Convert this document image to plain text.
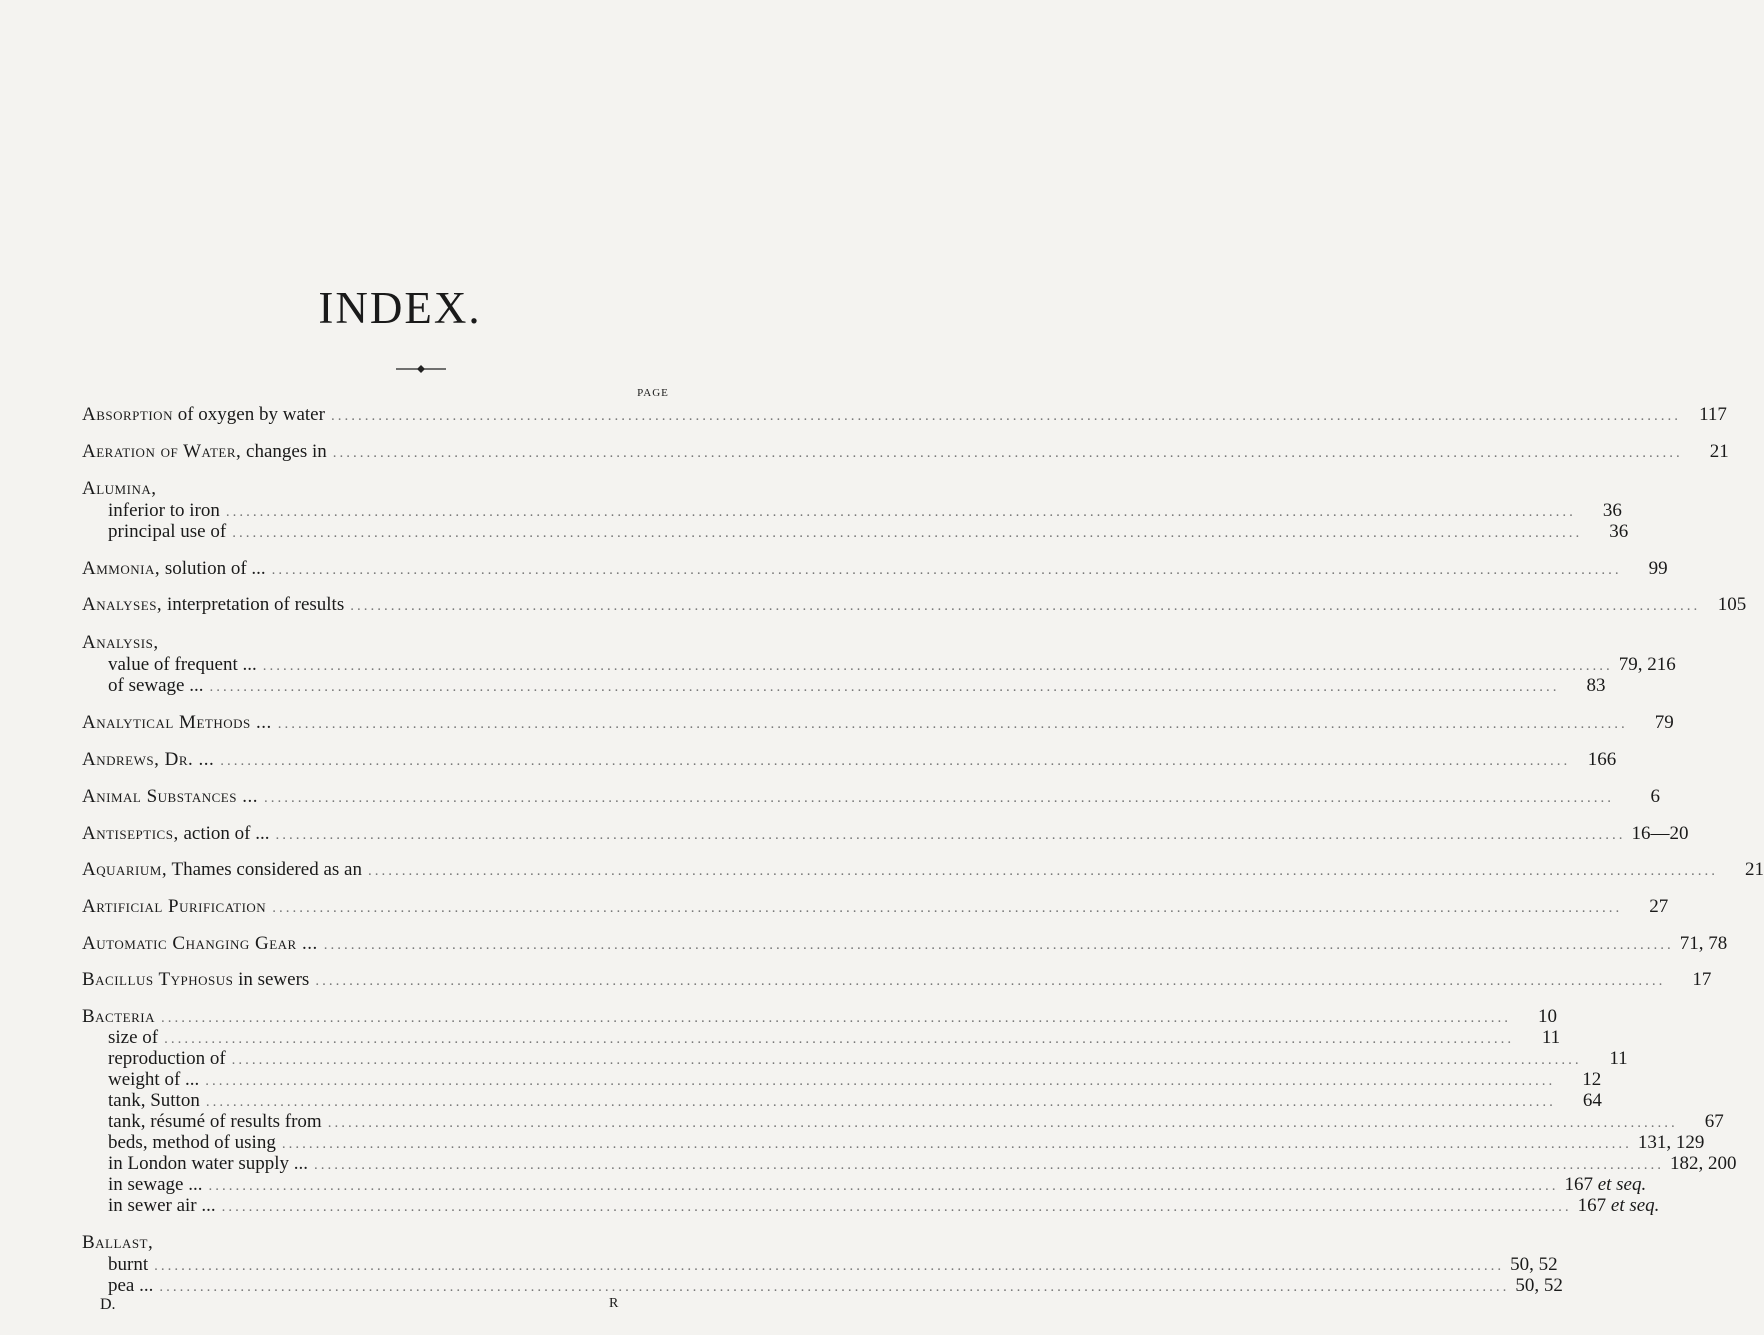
INDEX.
PAGE
Absorption of oxygen by water ........................................................................................................................................................................................................ 117
Aeration of Water, changes in ........................................................................................................................................................................................................	21
Alumina,
inferior to iron ........................................................................................................................................................................................................	36
principal use of ........................................................................................................................................................................................................	36
Ammonia, solution of ... ........................................................................................................................................................................................................	99
Analyses, interpretation of results ........................................................................................................................................................................................................ 105
Analysis,
value of frequent ... ........................................................................................................................................................................................................ 79, 216
of sewage ... ........................................................................................................................................................................................................	83
Analytical Methods ... ........................................................................................................................................................................................................	79
Andrews, Dr. ... ........................................................................................................................................................................................................ 166
Animal Substances ... ........................................................................................................................................................................................................	6
Antiseptics, action of ... ........................................................................................................................................................................................................ 16—20
Aquarium, Thames considered as an ........................................................................................................................................................................................................	21
Artificial Purification ........................................................................................................................................................................................................	27
Automatic Changing Gear ... ........................................................................................................................................................................................................ 71, 78
Bacillus Typhosus in sewers ........................................................................................................................................................................................................	17
Bacteria ........................................................................................................................................................................................................	10
size of ........................................................................................................................................................................................................	11
reproduction of ........................................................................................................................................................................................................	11
weight of ... ........................................................................................................................................................................................................	12
tank, Sutton ........................................................................................................................................................................................................	64
tank, résumé of results from ........................................................................................................................................................................................................	67
beds, method of using ........................................................................................................................................................................................................ 131, 129
in London water supply ... ........................................................................................................................................................................................................ 182, 200
in sewage ... ........................................................................................................................................................................................................ 167 et seq.
in sewer air ... ........................................................................................................................................................................................................ 167 et seq.
Ballast,
burnt ........................................................................................................................................................................................................ 50, 52
pea ... ........................................................................................................................................................................................................ 50, 52
D.	R
